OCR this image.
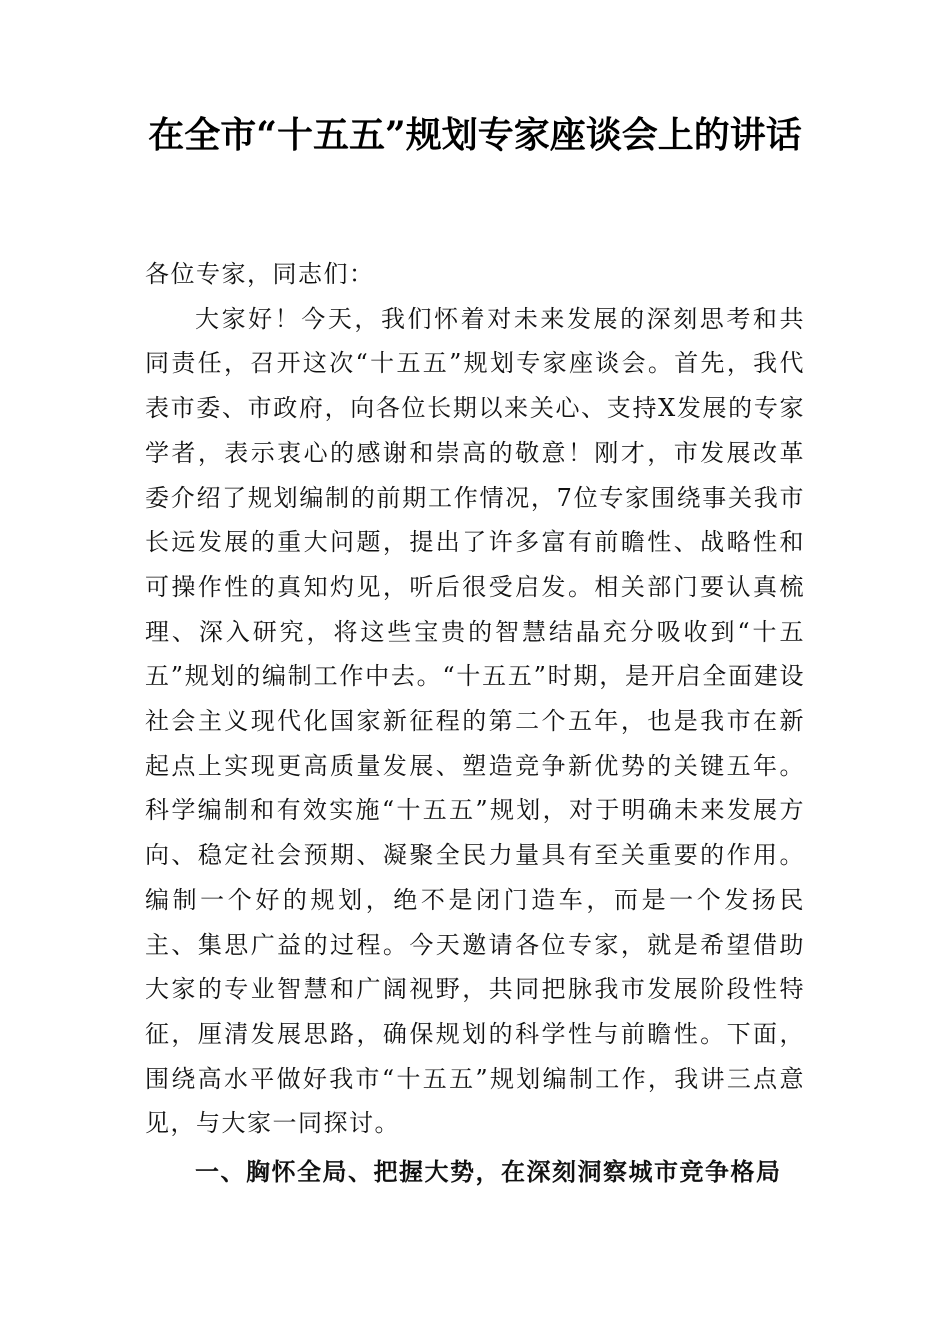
在全市“十五五”规划专家座谈会上的讲话

各位专家，同志们：

大家好！今天，我们怀着对未来发展的深刻思考和共同责任，召开这次“十五五”规划专家座谈会。首先，我代表市委、市政府，向各位长期以来关心、支持X发展的专家学者，表示衷心的感谢和崇高的敬意！刚才，市发展改革委介绍了规划编制的前期工作情况，7位专家围绕事关我市长远发展的重大问题，提出了许多富有前瞻性、战略性和可操作性的真知灼见，听后很受启发。相关部门要认真梳理、深入研究，将这些宝贵的智慧结晶充分吸收到“十五五”规划的编制工作中去。“十五五”时期，是开启全面建设社会主义现代化国家新征程的第二个五年，也是我市在新起点上实现更高质量发展、塑造竞争新优势的关键五年。科学编制和有效实施“十五五”规划，对于明确未来发展方向、稳定社会预期、凝聚全民力量具有至关重要的作用。编制一个好的规划，绝不是闭门造车，而是一个发扬民主、集思广益的过程。今天邀请各位专家，就是希望借助大家的专业智慧和广阔视野，共同把脉我市发展阶段性特征，厘清发展思路，确保规划的科学性与前瞻性。下面，围绕高水平做好我市“十五五”规划编制工作，我讲三点意见，与大家一同探讨。

一、胸怀全局、把握大势，在深刻洞察城市竞争格局
